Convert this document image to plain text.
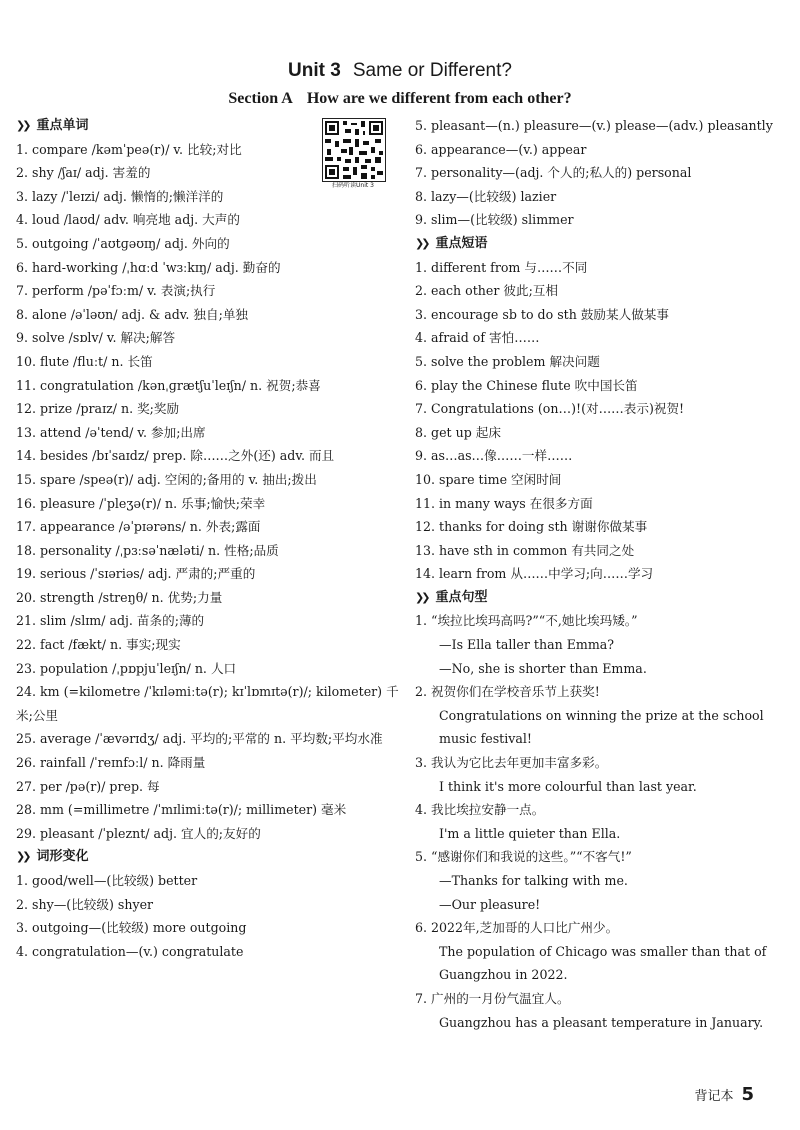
Unit 3 Same or Different?
Section A How are we different from each other?
扫码听读Unit 3
❯❯ 重点单词
1. compare /kəmˈpeə(r)/ v. 比较;对比
2. shy /ʃaɪ/ adj. 害羞的
3. lazy /ˈleɪzi/ adj. 懒惰的;懒洋洋的
4. loud /laʊd/ adv. 响亮地 adj. 大声的
5. outgoing /ˈaʊtɡəʊɪŋ/ adj. 外向的
6. hard-working /ˌhɑːd ˈwɜːkɪŋ/ adj. 勤奋的
7. perform /pəˈfɔːm/ v. 表演;执行
8. alone /əˈləʊn/ adj. & adv. 独自;单独
9. solve /sɒlv/ v. 解决;解答
10. flute /fluːt/ n. 长笛
11. congratulation /kənˌɡrætʃuˈleɪʃn/ n. 祝贺;恭喜
12. prize /praɪz/ n. 奖;奖励
13. attend /əˈtend/ v. 参加;出席
14. besides /bɪˈsaɪdz/ prep. 除……之外(还) adv. 而且
15. spare /speə(r)/ adj. 空闲的;备用的 v. 抽出;拨出
16. pleasure /ˈpleʒə(r)/ n. 乐事;愉快;荣幸
17. appearance /əˈpɪərəns/ n. 外表;露面
18. personality /ˌpɜːsəˈnæləti/ n. 性格;品质
19. serious /ˈsɪəriəs/ adj. 严肃的;严重的
20. strength /streŋθ/ n. 优势;力量
21. slim /slɪm/ adj. 苗条的;薄的
22. fact /fækt/ n. 事实;现实
23. population /ˌpɒpjuˈleɪʃn/ n. 人口
24. km (=kilometre /ˈkɪləmiːtə(r); kɪˈlɒmɪtə(r)/; kilometer) 千米;公里
25. average /ˈævərɪdʒ/ adj. 平均的;平常的 n. 平均数;平均水准
26. rainfall /ˈreɪnfɔːl/ n. 降雨量
27. per /pə(r)/ prep. 每
28. mm (=millimetre /ˈmɪlimiːtə(r)/; millimeter) 毫米
29. pleasant /ˈpleznt/ adj. 宜人的;友好的
❯❯ 词形变化
1. good/well—(比较级) better
2. shy—(比较级) shyer
3. outgoing—(比较级) more outgoing
4. congratulation—(v.) congratulate
5. pleasant—(n.) pleasure—(v.) please—(adv.) pleasantly
6. appearance—(v.) appear
7. personality—(adj. 个人的;私人的) personal
8. lazy—(比较级) lazier
9. slim—(比较级) slimmer
❯❯ 重点短语
1. different from 与……不同
2. each other 彼此;互相
3. encourage sb to do sth 鼓励某人做某事
4. afraid of 害怕……
5. solve the problem 解决问题
6. play the Chinese flute 吹中国长笛
7. Congratulations (on…)!(对……表示)祝贺!
8. get up 起床
9. as…as…像……一样……
10. spare time 空闲时间
11. in many ways 在很多方面
12. thanks for doing sth 谢谢你做某事
13. have sth in common 有共同之处
14. learn from 从……中学习;向……学习
❯❯ 重点句型
1. “埃拉比埃玛高吗?”“不,她比埃玛矮。”
—Is Ella taller than Emma?
—No, she is shorter than Emma.
2. 祝贺你们在学校音乐节上获奖!
Congratulations on winning the prize at the school music festival!
3. 我认为它比去年更加丰富多彩。
I think it's more colourful than last year.
4. 我比埃拉安静一点。
I'm a little quieter than Ella.
5. “感谢你们和我说的这些。”“不客气!”
—Thanks for talking with me.
—Our pleasure!
6. 2022年,芝加哥的人口比广州少。
The population of Chicago was smaller than that of Guangzhou in 2022.
7. 广州的一月份气温宜人。
Guangzhou has a pleasant temperature in January.
背记本 5
